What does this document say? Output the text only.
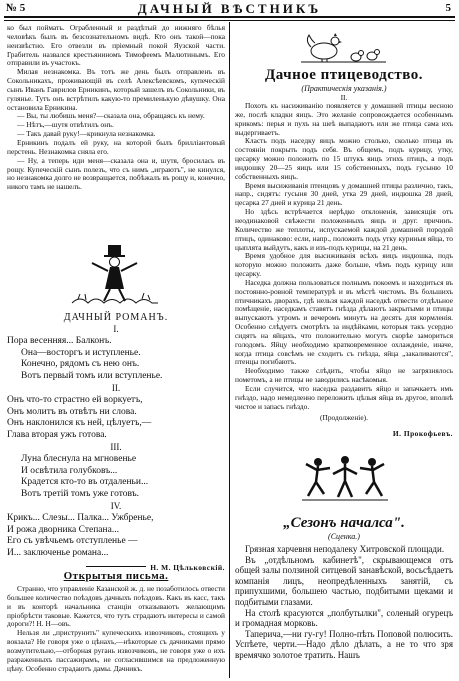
№ 5	ДАЧНЫЙ ВѢСТНИКЪ	5

ко был поймать. Ограбленный и раздѣтый до нижняго бѣлья человѣкъ былъ въ безсознательномъ видѣ. Кто онъ такой—пока неизвѣстно. Его отвезли въ пріемный покой Яузской части. Грабитель назвался крестьяниномъ Тимофеемъ Малютинымъ. Его отправили въ участокъ.

Милая незнакомка. Въ тотъ же день былъ отправленъ въ Сокольникахъ, проживающій въ селѣ Алексѣевскомъ, купеческій сынъ Иванъ Гаврилов Ерникинъ, который зашелъ въ Сокольники, въ гулянье. Тутъ онъ встрѣтилъ какую-то премиленькую дѣвушку. Она остановила Ерникина.

— Вы, ты любишь меня?—сказала она, обращаясь къ нему.

— Нѣтъ,—шутя отвѣтилъ онъ.

— Такъ давай руку!—крикнула незнакомка.

Ерникинъ подалъ ей руку, на которой былъ брилліантовый перстень. Незнакомка сняла его.

— Ну, а теперь иди меня—сказала она и, шутя, бросилась въ рощу. Купеческій сынъ полезъ, что съ нимъ „играютъ", не кинулся, но незнакомка долго не возвращается, побѣжалъ въ рощу и, конечно, никого тамъ не нашелъ.

ДАЧНЫЙ РОМАНЪ.
I.
Пора весенняя... Балконъ.
Она—восторгъ и иступленье.
Конечно, рядомъ съ нею онъ.
Вотъ первый томъ или вступленье.
II.
Онъ что-то страстно ей воркуетъ,
Онъ молитъ въ отвѣтъ ни слова.
Онъ наклонился къ ней, цѣлуетъ,—
Глава вторая ужъ готова.
III.
Луна блеснула на мгновенье
И освѣтила голубковъ...
Крадется кто-то въ отдаленьи...
Вотъ третій томъ уже готовъ.
IV.
Крикъ... Слезы... Палка... Ужбренье,
И рожа дворника Степана...
Его съ увѣчьемъ отступленье —
И... заключенье романа...
Н. М. Цѣльковскій.
Открытыя письма.

Странно, что управленіе Казанской ж. д. не позаботилось отвести большее количество поѣздовъ дачныхъ поѣздовъ. Какъ въ касс, такъ и въ конторѣ начальника станціи отказываютъ желающимъ пріобрѣсти таковые. Кажется, что тутъ страдаютъ интересы и самой дороги?! Н. Н—овъ.

Нельзя ли „приструнить" купеческихъ извозчиковъ, стоящихъ у вокзала? Не говоря уже о цѣнахъ,—нѣкоторые съ дачниками прямо возмутительно,—отборная ругань извозчиковъ, не говоря уже о ихъ разраженныхъ пассажирамъ, не согласившимся на предложенную цѣну. Особенно страдаютъ дамы. Дачникъ.

Дачное птицеводство.
(Практическія указанія.)
II.

Похоть къ насиживанію появляется у домашней птицы весною же, послѣ кладки яицъ. Это желаніе сопровождается особеннымъ крикомъ: перья и пухъ на шеѣ выпадаютъ или же птица сама ихъ выдергиваетъ.

Класть подъ наседку яицъ можно столько, сколько птица въ состояніи покрыть подъ себя. Въ общемъ, подъ курицу, утку, цесарку можно положить по 15 штукъ яицъ этихъ птицъ, а подъ индюшку 20—25 яицъ или 15 собственныхъ, подъ гусыню 10 собственныхъ яицъ.

Время высиживанія птенцовъ у домашней птицы различно, такъ, напр., сидятъ: гусыня 30 дней, утка 29 дней, индюшка 28 дней, цесарка 27 дней и курица 21 день.

Но здѣсь встрѣчается нерѣдко отклоненія, зависящія отъ неодинаковой свѣжести положенныхъ яицъ и друг. причинъ. Количество же теплоты, испускаемой каждой домашней породой птицъ, одинаково: если, напр., положить подъ утку куриныя яйца, то цыплята выйдутъ, какъ и изъ-подъ курицы, на 21 день.

Время удобное для высиживанія всѣхъ яицъ индюшка, подъ которую можно положить даже больше, чѣмъ подъ курицу или цесарку.

Наседка должна пользоваться полнымъ покоемъ и находиться въ постоянно-ровной температурѣ и въ мѣстѣ чистомъ. Въ большихъ птичникахъ дворахъ, гдѣ нельзя каждой наседкѣ отвести отдѣльное помѣщеніе, наседкамъ ставятъ гнѣзда дѣлаютъ закрытыми и птицы выпускаютъ утромъ и вечеромъ минутъ на десять для кормленія. Особенно слѣдуетъ смотрѣть за индѣйками, которыя такъ усердно сидятъ на яйцахъ, что положительно могутъ скорѣе замориться голодомъ. Яйцу необходимо кратковременное охлажденіе, иначе, когда птица совсѣмъ не сходитъ съ гнѣзда, яйца „закаливаются", птенцы погибаютъ.

Необходимо также слѣдить, чтобы яйцо не загрязнялось пометомъ, а не птицы не заводились насѣкомыя.

Если случится, что наседка раздавитъ яйцо и запачкаетъ имъ гнѣздо, надо немедленно переложить цѣлыя яйца въ другое, вполнѣ чистое и запасъ гнѣздо.

(Продолженіе).

И. Прокофьевъ.
„Сезонъ началса".
(Сценка.)

Грязная харчевня неподалеку Хитровской площади.

Въ „отдѣльномъ кабинетѣ", скрывающемся отъ общей залы ползиной ситцевой занавѣской, восьсѣдаетъ компанія лицъ, неопредѣленныхъ занятій, съ припухшими, большею частью, подбитыми щеками и подбитыми глазами.

На столѣ красуются „полбутылки", соленый огурецъ и громадная морковь.

Таперича,—ни гу-гу! Полно-пѣть Поповой полюсить. Успѣете, черти.—Надо дѣло дѣлать, а не то что зря времячко золотое тратить. Нашъ
